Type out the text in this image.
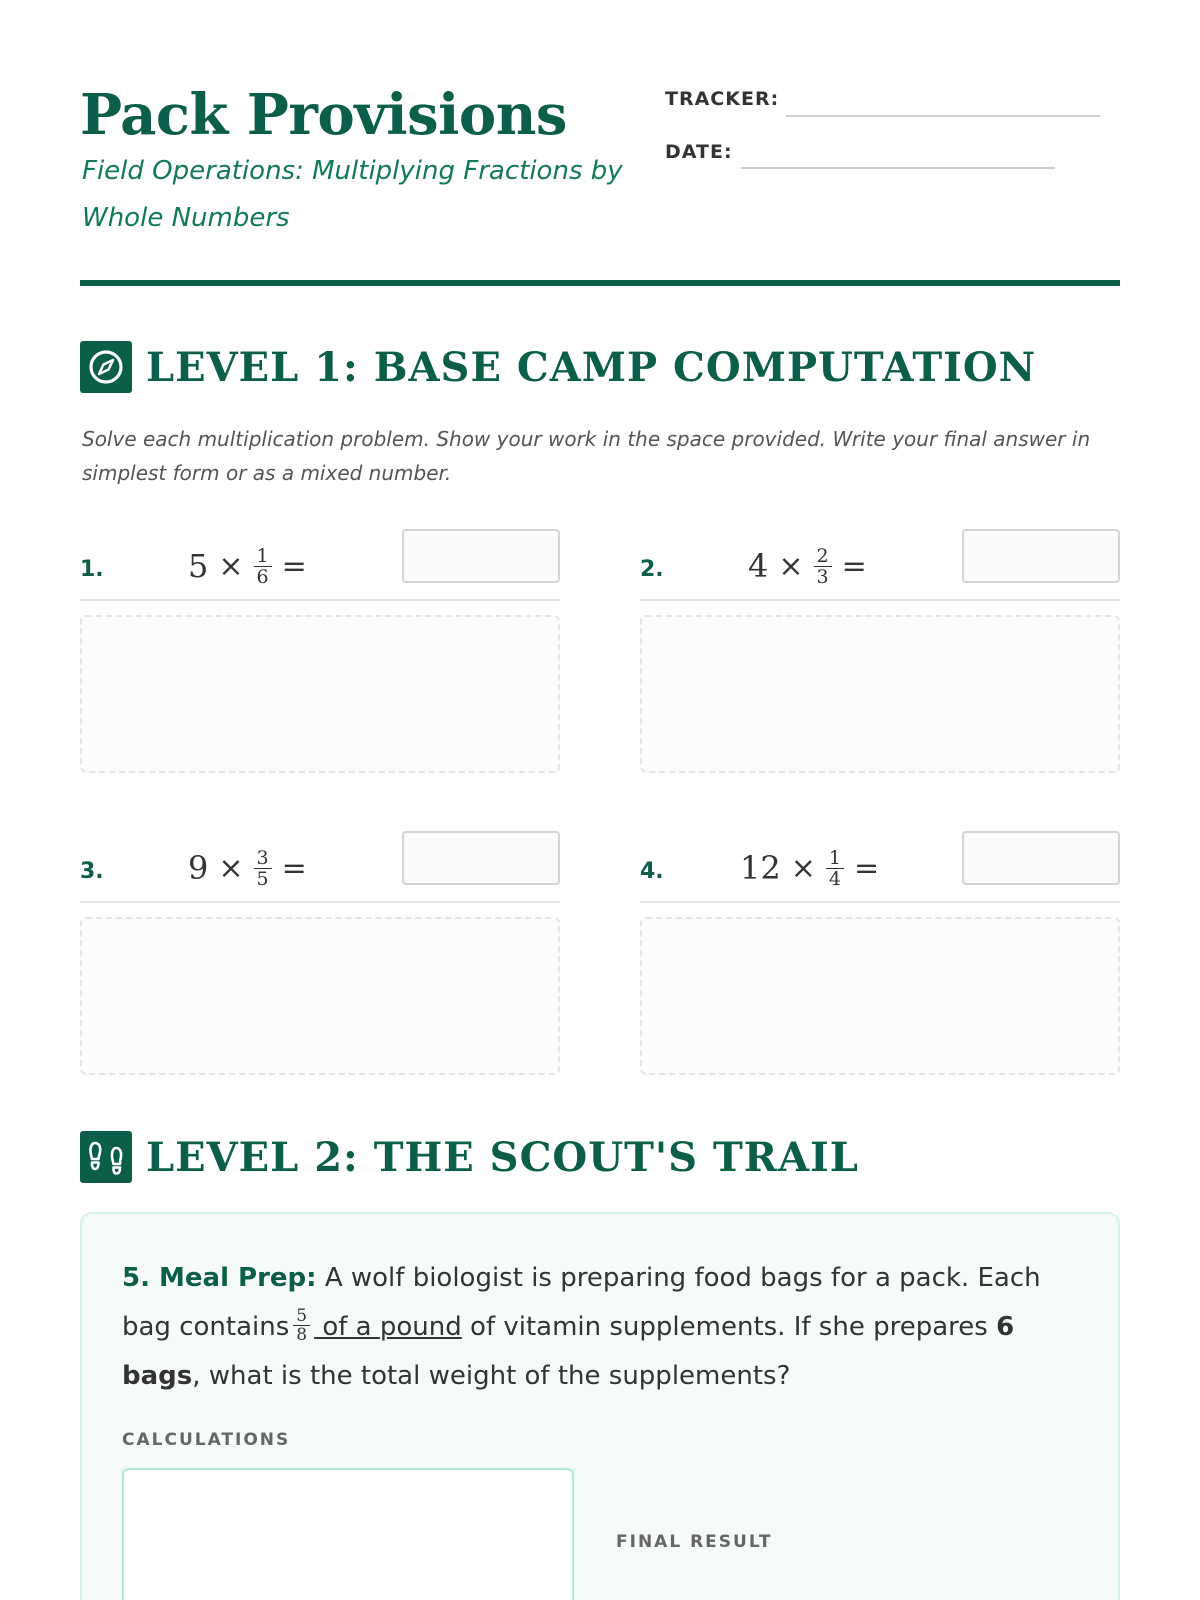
Pack Provisions
Field Operations: Multiplying Fractions by Whole Numbers
TRACKER:
DATE:
LEVEL 1: BASE CAMP COMPUTATION

Solve each multiplication problem. Show your work in the space provided. Write your final answer in simplest form or as a mixed number.

1.	$5 \times \frac{1}{6}$ =	2.	$4 \times \frac{2}{3}$ =
3.	$9 \times \frac{3}{5}$ =	4. $12 \times \frac{1}{4}$ =
LEVEL 2: THE SCOUT'S TRAIL

5. Meal Prep: A wolf biologist is preparing food bags for a pack. Each bag contains $\frac{5}{8}$ of a pound of vitamin supplements. If she prepares 6 bags, what is the total weight of the supplements?

CALCULATIONS
FINAL RESULT
